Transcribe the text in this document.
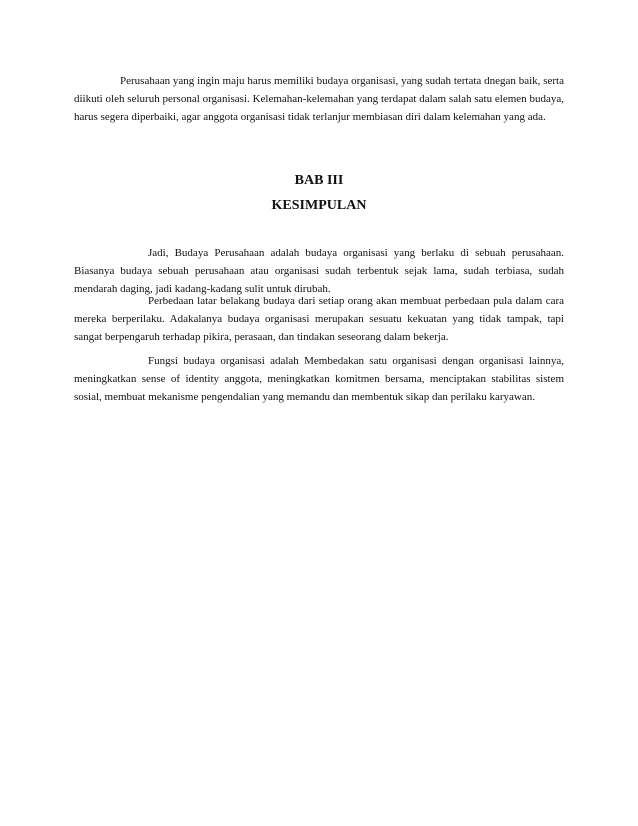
Perusahaan yang ingin maju harus memiliki budaya organisasi, yang sudah tertata dnegan baik, serta diikuti oleh seluruh personal organisasi. Kelemahan-kelemahan yang terdapat dalam salah satu elemen budaya, harus segera diperbaiki, agar anggota organisasi tidak terlanjur membiasan diri dalam kelemahan yang ada.

BAB III
KESIMPULAN

Jadi, Budaya Perusahaan adalah budaya organisasi yang berlaku di sebuah perusahaan. Biasanya budaya sebuah perusahaan atau organisasi sudah terbentuk sejak lama, sudah terbiasa, sudah mendarah daging, jadi kadang-kadang sulit untuk dirubah.

Perbedaan latar belakang budaya dari setiap orang akan membuat perbedaan pula dalam cara mereka berperilaku. Adakalanya budaya organisasi merupakan sesuatu kekuatan yang tidak tampak, tapi sangat berpengaruh terhadap pikira, perasaan, dan tindakan seseorang dalam bekerja.

Fungsi budaya organisasi adalah Membedakan satu organisasi dengan organisasi lainnya, meningkatkan sense of identity anggota, meningkatkan komitmen bersama, menciptakan stabilitas sistem sosial, membuat mekanisme pengendalian yang memandu dan membentuk sikap dan perilaku karyawan.
